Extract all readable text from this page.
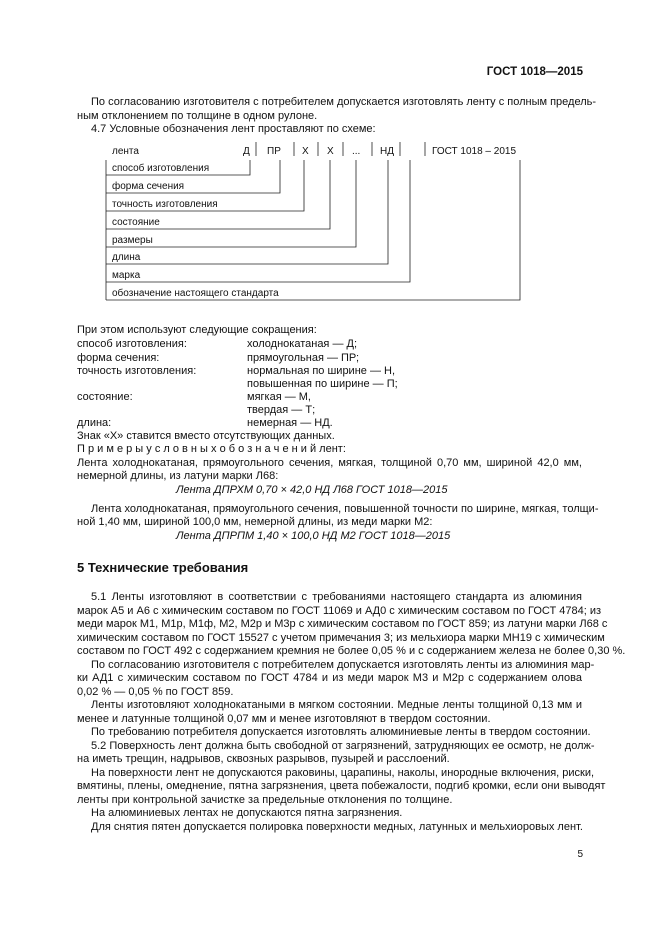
ГОСТ 1018—2015
По согласованию изготовителя с потребителем допускается изготовлять ленту с полным предель-
ным отклонением по толщине в одном рулоне.
4.7 Условные обозначения лент проставляют по схеме:
лента	Д ПР Х Х ... НД	ГОСТ 1018 – 2015
способ изготовления
форма сечения
точность изготовления
состояние
размеры
длина
марка
обозначение настоящего стандарта
При этом используют следующие сокращения:
способ изготовления:	холоднокатаная — Д;
форма сечения:	прямоугольная — ПР;
точность изготовления:	нормальная по ширине — Н,
повышенная по ширине — П;
состояние:	мягкая — М,
твердая — Т;
длина:	немерная — НД.
Знак «Х» ставится вместо отсутствующих данных.
П р и м е р ы у с л о в н ы х о б о з н а ч е н и й лент:
Лента холоднокатаная, прямоугольного сечения, мягкая, толщиной 0,70 мм, шириной 42,0 мм,
немерной длины, из латуни марки Л68:
Лента ДПРХМ 0,70 × 42,0 НД Л68 ГОСТ 1018—2015
Лента холоднокатаная, прямоугольного сечения, повышенной точности по ширине, мягкая, толщи-
ной 1,40 мм, шириной 100,0 мм, немерной длины, из меди марки М2:
Лента ДПРПМ 1,40 × 100,0 НД М2 ГОСТ 1018—2015
5 Технические требования
5.1 Ленты изготовляют в соответствии с требованиями настоящего стандарта из алюминия
марок А5 и А6 с химическим составом по ГОСТ 11069 и АД0 с химическим составом по ГОСТ 4784; из
меди марок М1, М1р, М1ф, М2, М2р и М3р с химическим составом по ГОСТ 859; из латуни марки Л68 с
химическим составом по ГОСТ 15527 с учетом примечания 3; из мельхиора марки МН19 с химическим
составом по ГОСТ 492 с содержанием кремния не более 0,05 % и с содержанием железа не более 0,30 %.
По согласованию изготовителя с потребителем допускается изготовлять ленты из алюминия мар-
ки АД1 с химическим составом по ГОСТ 4784 и из меди марок М3 и М2р с содержанием олова
0,02 % — 0,05 % по ГОСТ 859.
Ленты изготовляют холоднокатаными в мягком состоянии. Медные ленты толщиной 0,13 мм и
менее и латунные толщиной 0,07 мм и менее изготовляют в твердом состоянии.
По требованию потребителя допускается изготовлять алюминиевые ленты в твердом состоянии.
5.2 Поверхность лент должна быть свободной от загрязнений, затрудняющих ее осмотр, не долж-
на иметь трещин, надрывов, сквозных разрывов, пузырей и расслоений.
На поверхности лент не допускаются раковины, царапины, наколы, инородные включения, риски,
вмятины, плены, омеднение, пятна загрязнения, цвета побежалости, подгиб кромки, если они выводят
ленты при контрольной зачистке за предельные отклонения по толщине.
На алюминиевых лентах не допускаются пятна загрязнения.
Для снятия пятен допускается полировка поверхности медных, латунных и мельхиоровых лент.
5
